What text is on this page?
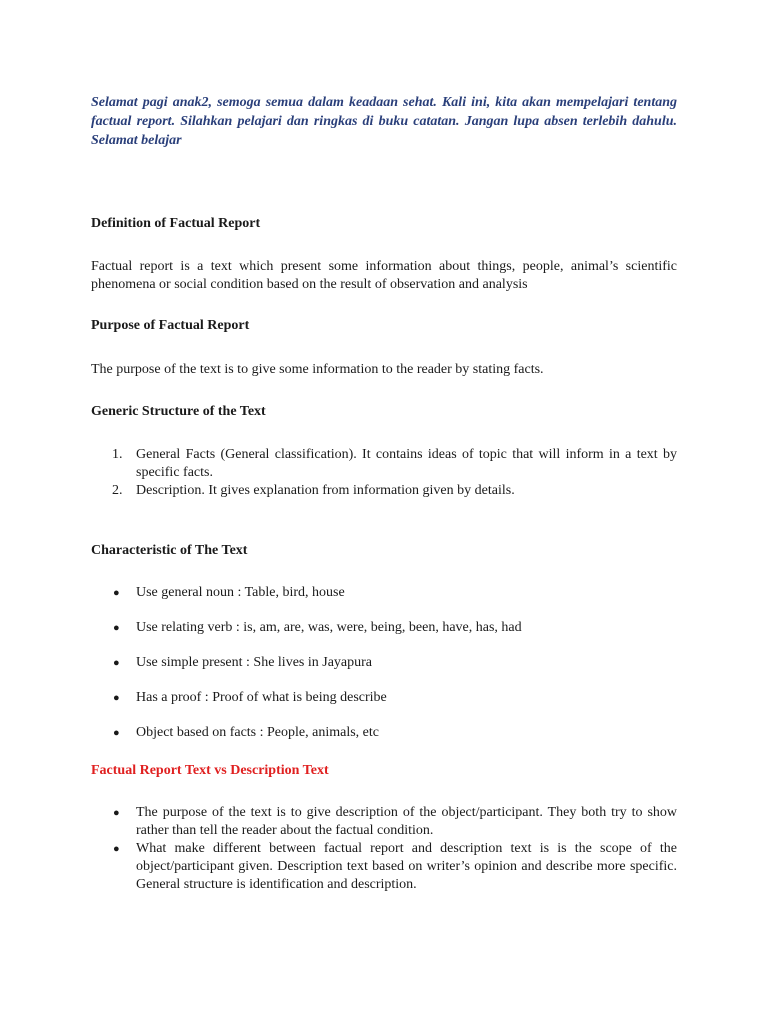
Selamat pagi anak2, semoga semua dalam keadaan sehat. Kali ini, kita akan mempelajari tentang factual report. Silahkan pelajari dan ringkas di buku catatan. Jangan lupa absen terlebih dahulu. Selamat belajar

Definition of Factual Report

Factual report is a text which present some information about things, people, animal’s scientific phenomena or social condition based on the result of observation and analysis

Purpose of Factual Report

The purpose of the text is to give some information to the reader by stating facts.

Generic Structure of the Text
1. General Facts (General classification). It contains ideas of topic that will inform in a text by specific facts.
2. Description. It gives explanation from information given by details.
Characteristic of The Text
● Use general noun : Table, bird, house
● Use relating verb : is, am, are, was, were, being, been, have, has, had
● Use simple present : She lives in Jayapura
● Has a proof : Proof of what is being describe
● Object based on facts : People, animals, etc
Factual Report Text vs Description Text
● The purpose of the text is to give description of the object/participant. They both try to show rather than tell the reader about the factual condition.
● What make different between factual report and description text is is the scope of the object/participant given. Description text based on writer’s opinion and describe more specific. General structure is identification and description.
